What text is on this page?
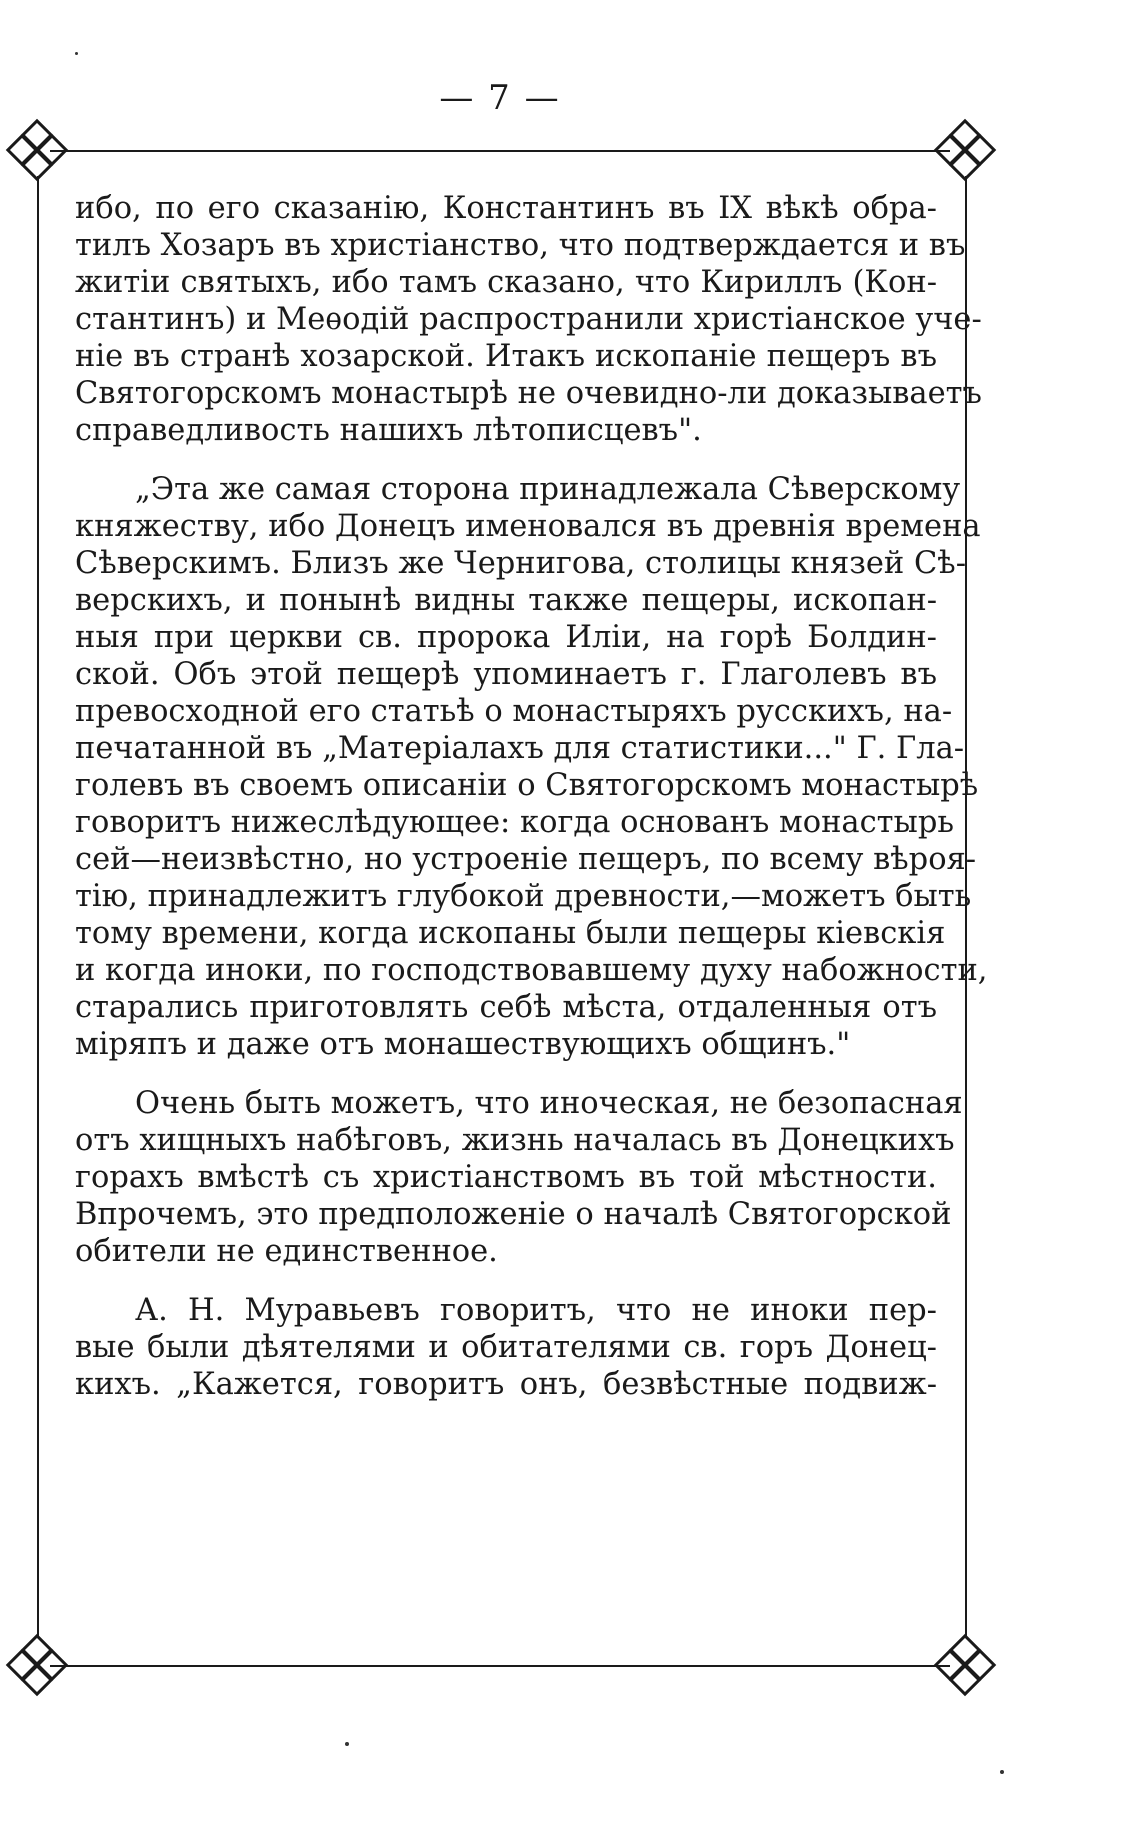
— 7 —

ибо, по его сказанію, Константинъ въ IX вѣкѣ обра-
тилъ Хозаръ въ христіанство, что подтверждается и въ
житіи святыхъ, ибо тамъ сказано, что Кириллъ (Кон-
стантинъ) и Меѳодій распространили христіанское уче-
ніе въ странѣ хозарской. Итакъ ископаніе пещеръ въ
Святогорскомъ монастырѣ не очевидно-ли доказываетъ
справедливость нашихъ лѣтописцевъ".

„Эта же самая сторона принадлежала Сѣверскому
княжеству, ибо Донецъ именовался въ древнія времена
Сѣверскимъ. Близъ же Чернигова, столицы князей Сѣ-
верскихъ, и понынѣ видны также пещеры, ископан-
ныя при церкви св. пророка Иліи, на горѣ Болдин-
ской. Объ этой пещерѣ упоминаетъ г. Глаголевъ въ
превосходной его статьѣ о монастыряхъ русскихъ, на-
печатанной въ „Матеріалахъ для статистики..." Г. Гла-
голевъ въ своемъ описаніи о Святогорскомъ монастырѣ
говоритъ нижеслѣдующее: когда основанъ монастырь
сей—неизвѣстно, но устроеніе пещеръ, по всему вѣроя-
тію, принадлежитъ глубокой древности,—можетъ быть
тому времени, когда ископаны были пещеры кіевскія
и когда иноки, по господствовавшему духу набожности,
старались приготовлять себѣ мѣста, отдаленныя отъ
міряпъ и даже отъ монашествующихъ общинъ."

Очень быть можетъ, что иноческая, не безопасная
отъ хищныхъ набѣговъ, жизнь началась въ Донецкихъ
горахъ вмѣстѣ съ христіанствомъ въ той мѣстности.
Впрочемъ, это предположеніе о началѣ Святогорской
обители не единственное.

А. Н. Муравьевъ говоритъ, что не иноки пер-
вые были дѣятелями и обитателями св. горъ Донец-
кихъ. „Кажется, говоритъ онъ, безвѣстные подвиж-
